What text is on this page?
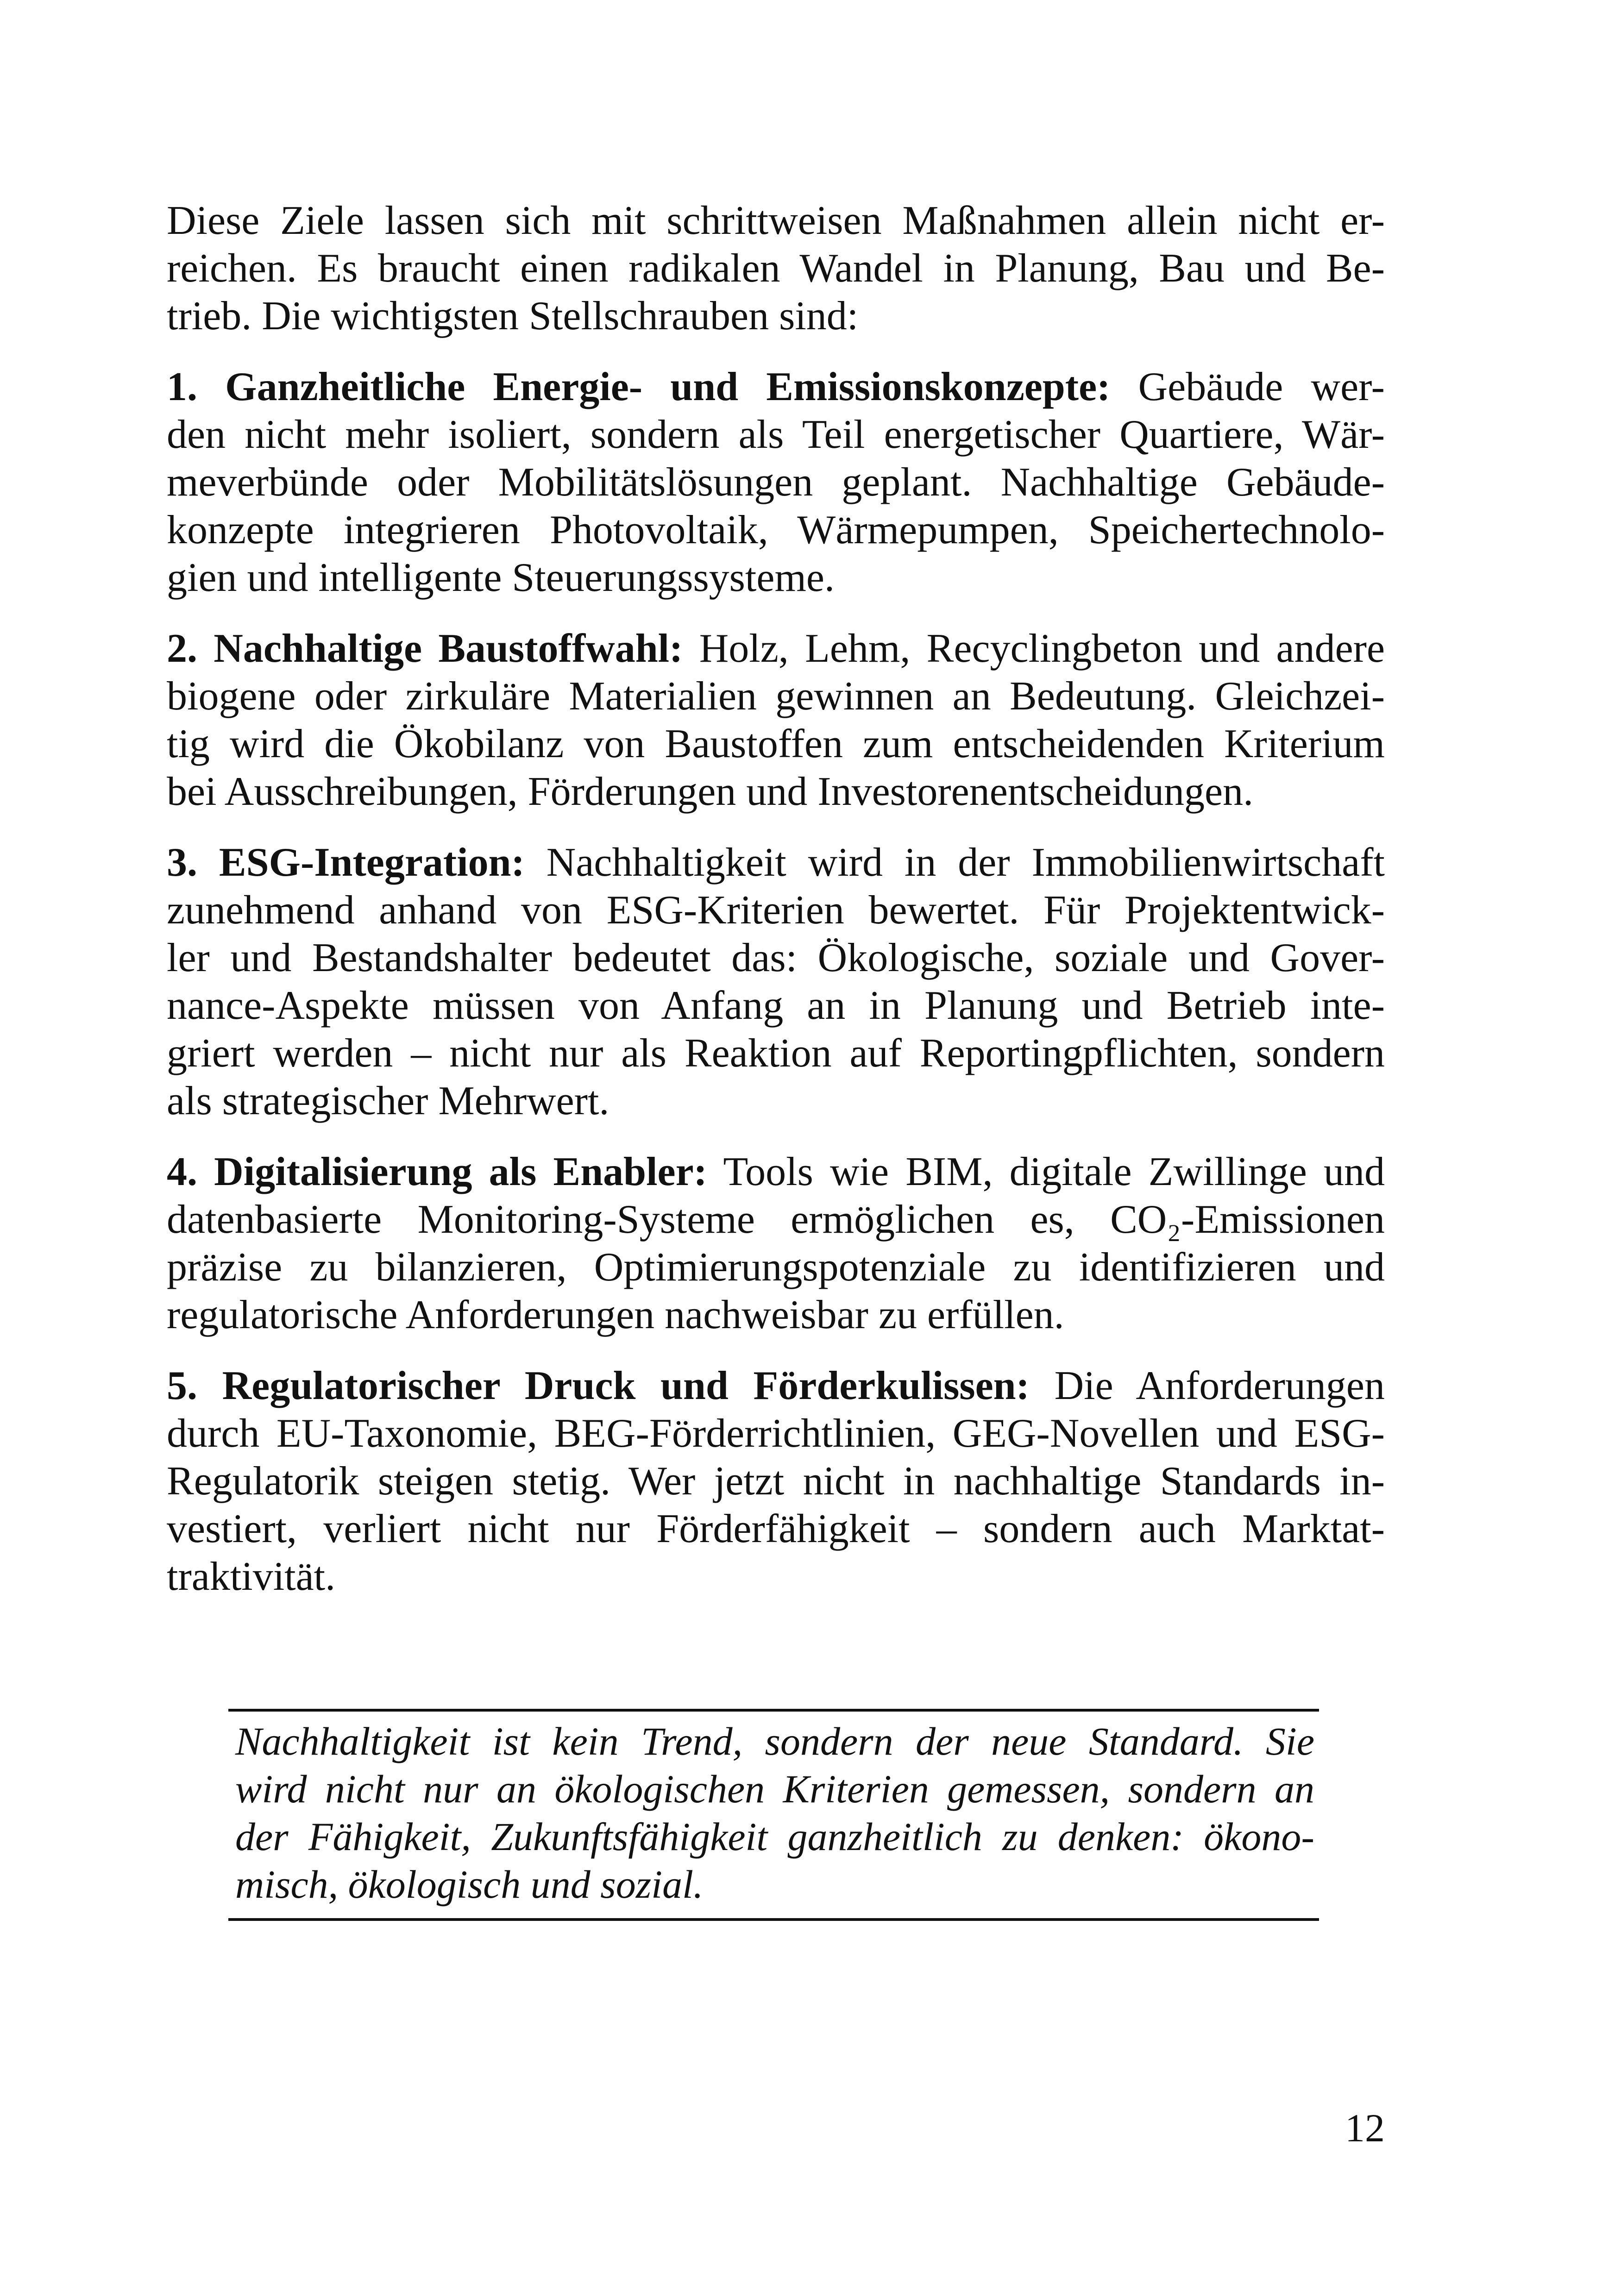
Diese Ziele lassen sich mit schrittweisen Maßnahmen allein nicht er-
reichen. Es braucht einen radikalen Wandel in Planung, Bau und Be-
trieb. Die wichtigsten Stellschrauben sind:
1. Ganzheitliche Energie- und Emissionskonzepte: Gebäude wer-
den nicht mehr isoliert, sondern als Teil energetischer Quartiere, Wär-
meverbünde oder Mobilitätslösungen geplant. Nachhaltige Gebäude-
konzepte integrieren Photovoltaik, Wärmepumpen, Speichertechnolo-
gien und intelligente Steuerungssysteme.
2. Nachhaltige Baustoffwahl: Holz, Lehm, Recyclingbeton und andere
biogene oder zirkuläre Materialien gewinnen an Bedeutung. Gleichzei-
tig wird die Ökobilanz von Baustoffen zum entscheidenden Kriterium
bei Ausschreibungen, Förderungen und Investorenentscheidungen.
3. ESG-Integration: Nachhaltigkeit wird in der Immobilienwirtschaft
zunehmend anhand von ESG-Kriterien bewertet. Für Projektentwick-
ler und Bestandshalter bedeutet das: Ökologische, soziale und Gover-
nance-Aspekte müssen von Anfang an in Planung und Betrieb inte-
griert werden – nicht nur als Reaktion auf Reportingpflichten, sondern
als strategischer Mehrwert.
4. Digitalisierung als Enabler: Tools wie BIM, digitale Zwillinge und
datenbasierte Monitoring-Systeme ermöglichen es, CO₂-Emissionen
präzise zu bilanzieren, Optimierungspotenziale zu identifizieren und
regulatorische Anforderungen nachweisbar zu erfüllen.
5. Regulatorischer Druck und Förderkulissen: Die Anforderungen
durch EU-Taxonomie, BEG-Förderrichtlinien, GEG-Novellen und ESG-
Regulatorik steigen stetig. Wer jetzt nicht in nachhaltige Standards in-
vestiert, verliert nicht nur Förderfähigkeit – sondern auch Marktat-
traktivität.
Nachhaltigkeit ist kein Trend, sondern der neue Standard. Sie
wird nicht nur an ökologischen Kriterien gemessen, sondern an
der Fähigkeit, Zukunftsfähigkeit ganzheitlich zu denken: ökono-
misch, ökologisch und sozial.
12
